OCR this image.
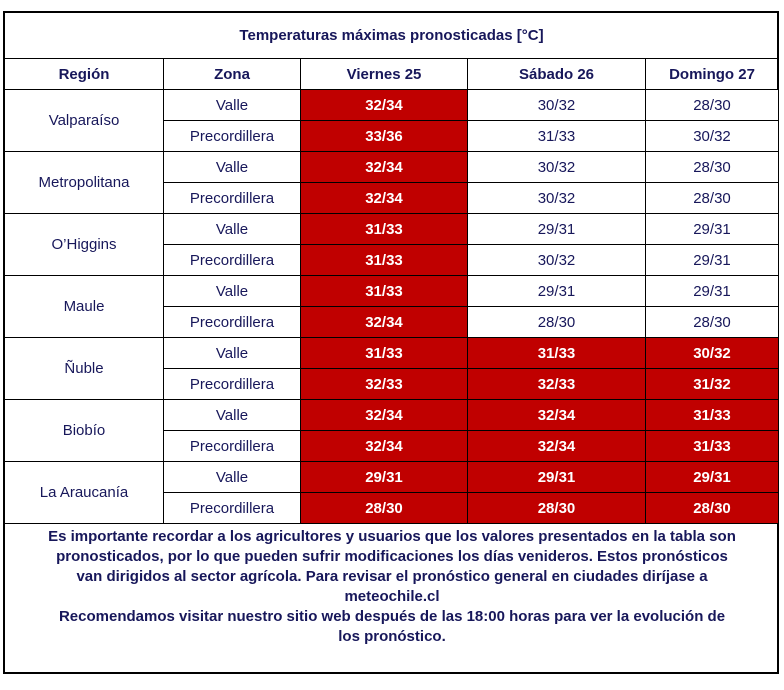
Temperaturas máximas pronosticadas [°C]				
Región	Zona	Viernes 25	Sábado 26	Domingo 27
Valparaíso	Valle	32/34	30/32	28/30
	Precordillera	33/36	31/33	30/32
Metropolitana	Valle	32/34	30/32	28/30
	Precordillera	32/34	30/32	28/30
O’Higgins	Valle	31/33	29/31	29/31
	Precordillera	31/33	30/32	29/31
Maule	Valle	31/33	29/31	29/31
	Precordillera	32/34	28/30	28/30
Ñuble	Valle	31/33	31/33	30/32
	Precordillera	32/33	32/33	31/32
Biobío	Valle	32/34	32/34	31/33
	Precordillera	32/34	32/34	31/33
La Araucanía	Valle	29/31	29/31	29/31
	Precordillera	28/30	28/30	28/30
Es importante recordar a los agricultores y usuarios que los valores presentados en la tabla son
pronosticados, por lo que pueden sufrir modificaciones los días venideros. Estos pronósticos
van dirigidos al sector agrícola. Para revisar el pronóstico general en ciudades diríjase a
meteochile.cl
Recomendamos visitar nuestro sitio web después de las 18:00 horas para ver la evolución de
los pronóstico.
